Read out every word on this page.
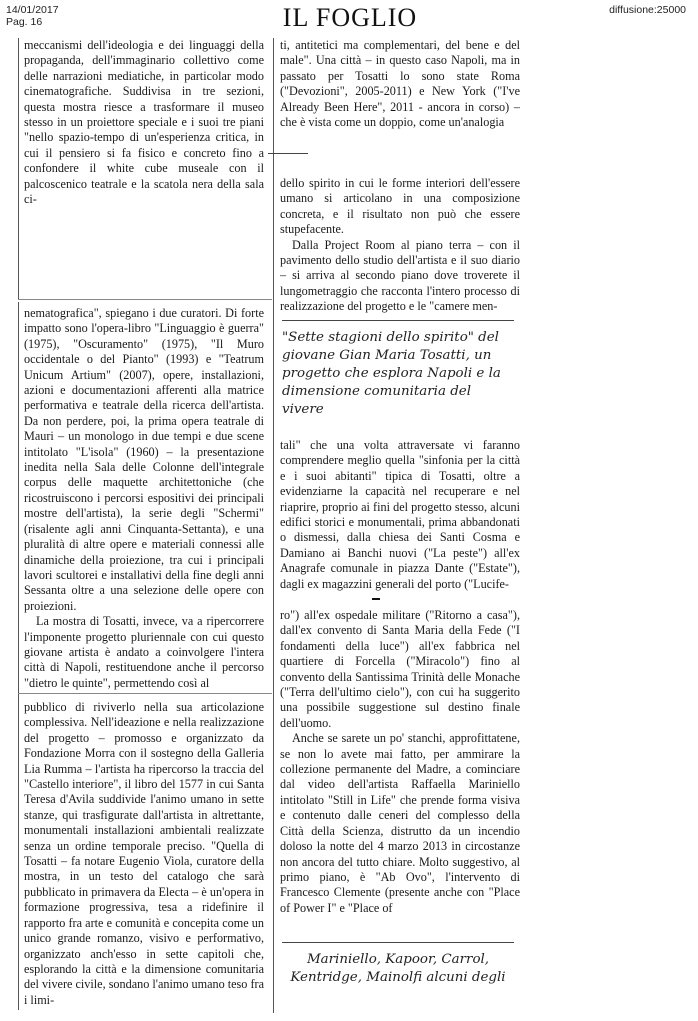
14/01/2017
Pag. 16	IL FOGLIO	diffusione:25000

meccanismi dell'ideologia e dei linguaggi della propaganda, dell'immaginario collettivo come delle narrazioni mediatiche, in particolar modo cinematografiche. Suddivisa in tre sezioni, questa mostra riesce a trasformare il museo stesso in un proiettore speciale e i suoi tre piani "nello spazio-tempo di un'esperienza critica, in cui il pensiero si fa fisico e concreto fino a confondere il white cube museale con il palcoscenico teatrale e la scatola nera della sala ci-

nematografica", spiegano i due curatori. Di forte impatto sono l'opera-libro "Linguaggio è guerra" (1975), "Oscuramento" (1975), "Il Muro occidentale o del Pianto" (1993) e "Teatrum Unicum Artium" (2007), opere, installazioni, azioni e documentazioni afferenti alla matrice performativa e teatrale della ricerca dell'artista. Da non perdere, poi, la prima opera teatrale di Mauri – un monologo in due tempi e due scene intitolato "L'isola" (1960) – la presentazione inedita nella Sala delle Colonne dell'integrale corpus delle maquette architettoniche (che ricostruiscono i percorsi espositivi dei principali mostre dell'artista), la serie degli "Schermi" (risalente agli anni Cinquanta-Settanta), e una pluralità di altre opere e materiali connessi alle dinamiche della proiezione, tra cui i principali lavori scultorei e installativi della fine degli anni Sessanta oltre a una selezione delle opere con proiezioni.

La mostra di Tosatti, invece, va a ripercorrere l'imponente progetto pluriennale con cui questo giovane artista è andato a coinvolgere l'intera città di Napoli, restituendone anche il percorso "dietro le quinte", permettendo così al

pubblico di riviverlo nella sua articolazione complessiva. Nell'ideazione e nella realizzazione del progetto – promosso e organizzato da Fondazione Morra con il sostegno della Galleria Lia Rumma – l'artista ha ripercorso la traccia del "Castello interiore", il libro del 1577 in cui Santa Teresa d'Avila suddivide l'animo umano in sette stanze, qui trasfigurate dall'artista in altrettante, monumentali installazioni ambientali realizzate senza un ordine temporale preciso. "Quella di Tosatti – fa notare Eugenio Viola, curatore della mostra, in un testo del catalogo che sarà pubblicato in primavera da Electa – è un'opera in formazione progressiva, tesa a ridefinire il rapporto fra arte e comunità e concepita come un unico grande romanzo, visivo e performativo, organizzato anch'esso in sette capitoli che, esplorando la città e la dimensione comunitaria del vivere civile, sondano l'animo umano teso fra i limi-

ti, antitetici ma complementari, del bene e del male". Una città – in questo caso Napoli, ma in passato per Tosatti lo sono state Roma ("Devozioni", 2005-2011) e New York ("I've Already Been Here", 2011 - ancora in corso) – che è vista come un doppio, come un'analogia

dello spirito in cui le forme interiori dell'essere umano si articolano in una composizione concreta, e il risultato non può che essere stupefacente.

Dalla Project Room al piano terra – con il pavimento dello studio dell'artista e il suo diario – si arriva al secondo piano dove troverete il lungometraggio che racconta l'intero processo di realizzazione del progetto e le "camere men-

"Sette stagioni dello spirito" del giovane Gian Maria Tosatti, un progetto che esplora Napoli e la dimensione comunitaria del vivere

tali" che una volta attraversate vi faranno comprendere meglio quella "sinfonia per la città e i suoi abitanti" tipica di Tosatti, oltre a evidenziarne la capacità nel recuperare e nel riaprire, proprio ai fini del progetto stesso, alcuni edifici storici e monumentali, prima abbandonati o dismessi, dalla chiesa dei Santi Cosma e Damiano ai Banchi nuovi ("La peste") all'ex Anagrafe comunale in piazza Dante ("Estate"), dagli ex magazzini generali del porto ("Lucife-

ro") all'ex ospedale militare ("Ritorno a casa"), dall'ex convento di Santa Maria della Fede ("I fondamenti della luce") all'ex fabbrica nel quartiere di Forcella ("Miracolo") fino al convento della Santissima Trinità delle Monache ("Terra dell'ultimo cielo"), con cui ha suggerito una possibile suggestione sul destino finale dell'uomo.

Anche se sarete un po' stanchi, approfittatene, se non lo avete mai fatto, per ammirare la collezione permanente del Madre, a cominciare dal video dell'artista Raffaella Mariniello intitolato "Still in Life" che prende forma visiva e contenuto dalle ceneri del complesso della Città della Scienza, distrutto da un incendio doloso la notte del 4 marzo 2013 in circostanze non ancora del tutto chiare. Molto suggestivo, al primo piano, è "Ab Ovo", l'intervento di Francesco Clemente (presente anche con "Place of Power I" e "Place of

Mariniello, Kapoor, Carrol, Kentridge, Mainolfi alcuni degli
